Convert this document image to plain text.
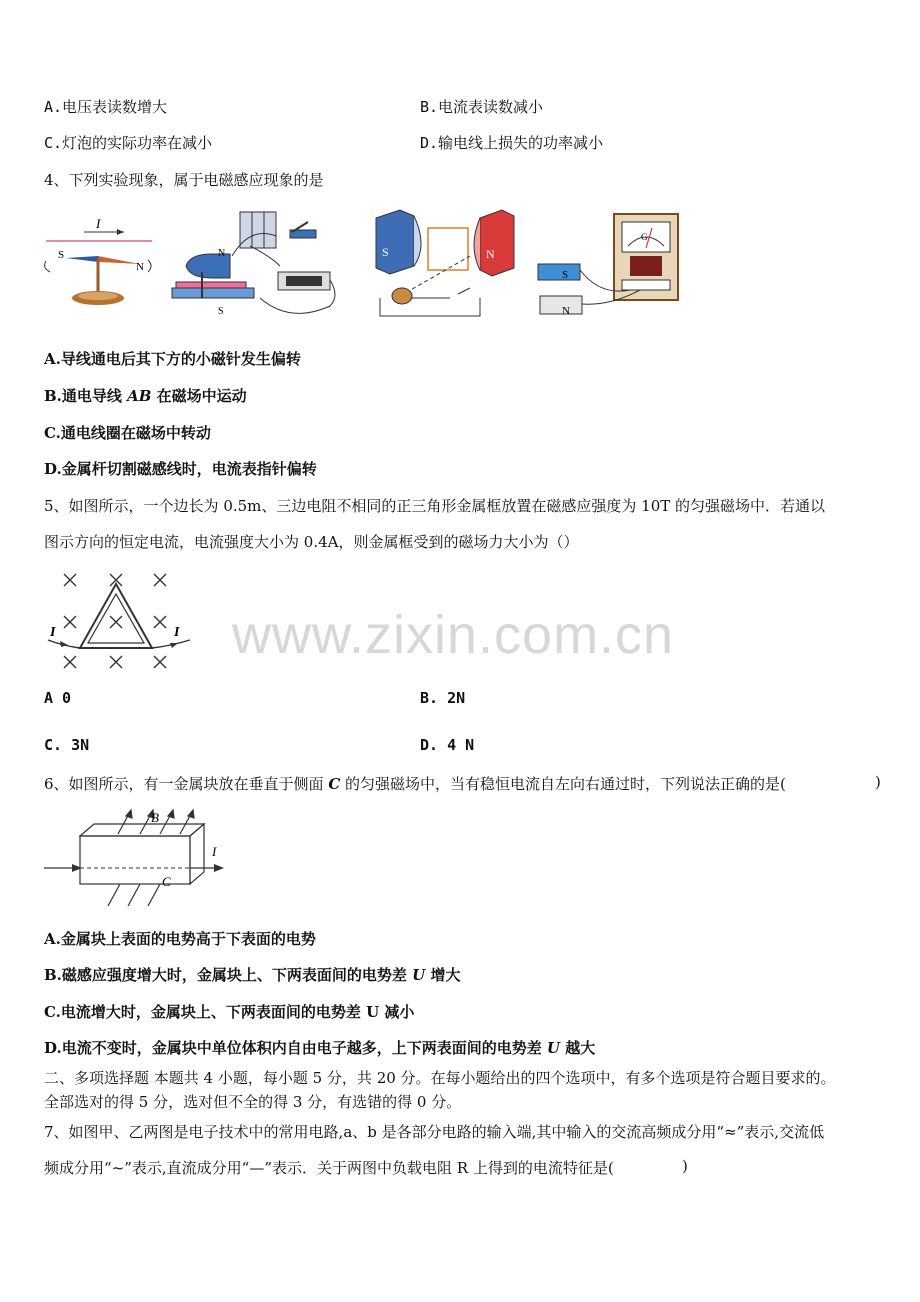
A.电压表读数增大	B.电流表读数减小
C.灯泡的实际功率在减小	D.输电线上损失的功率减小
4、下列实验现象，属于电磁感应现象的是
I
S
N
N
S
S	N
G
S
N
A.导线通电后其下方的小磁针发生偏转
B.通电导线 AB 在磁场中运动
C.通电线圈在磁场中转动
D.金属杆切割磁感线时，电流表指针偏转
5、如图所示，一个边长为 0.5m、三边电阻不相同的正三角形金属框放置在磁感应强度为 10T 的匀强磁场中．若通以
图示方向的恒定电流，电流强度大小为 0.4A，则金属框受到的磁场力大小为（）
I	I www.zixin.com.cn
A 0	B. 2N
C. 3N	D. 4 N
6、如图所示，有一金属块放在垂直于侧面 C 的匀强磁场中，当有稳恒电流自左向右通过时，下列说法正确的是(	)
B
I
C
A.金属块上表面的电势高于下表面的电势
B.磁感应强度增大时，金属块上、下两表面间的电势差 U 增大
C.电流增大时，金属块上、下两表面间的电势差 U 减小
D.电流不变时，金属块中单位体积内自由电子越多，上下两表面间的电势差 U 越大
二、多项选择题 本题共 4 小题，每小题 5 分，共 20 分。在每小题给出的四个选项中，有多个选项是符合题目要求的。
全部选对的得 5 分，选对但不全的得 3 分，有选错的得 0 分。
7、如图甲、乙两图是电子技术中的常用电路,a、b 是各部分电路的输入端,其中输入的交流高频成分用“≈”表示,交流低
频成分用“~”表示,直流成分用“—”表示．关于两图中负载电阻 R 上得到的电流特征是(	)
